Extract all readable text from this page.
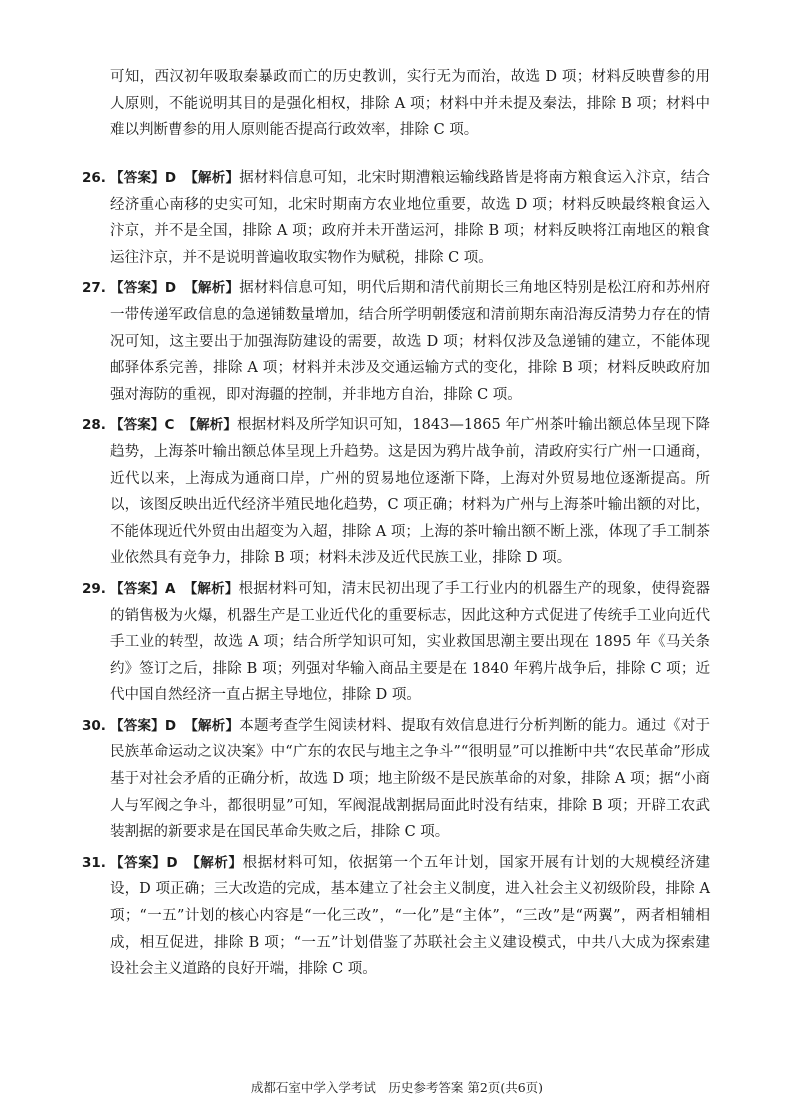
可知，西汉初年吸取秦暴政而亡的历史教训，实行无为而治，故选 D 项；材料反映曹参的用人原则，不能说明其目的是强化相权，排除 A 项；材料中并未提及秦法，排除 B 项；材料中难以判断曹参的用人原则能否提高行政效率，排除 C 项。
26. 【答案】D 【解析】据材料信息可知，北宋时期漕粮运输线路皆是将南方粮食运入汴京，结合经济重心南移的史实可知，北宋时期南方农业地位重要，故选 D 项；材料反映最终粮食运入汴京，并不是全国，排除 A 项；政府并未开凿运河，排除 B 项；材料反映将江南地区的粮食运往汴京，并不是说明普遍收取实物作为赋税，排除 C 项。
27. 【答案】D 【解析】据材料信息可知，明代后期和清代前期长三角地区特别是松江府和苏州府一带传递军政信息的急递铺数量增加，结合所学明朝倭寇和清前期东南沿海反清势力存在的情况可知，这主要出于加强海防建设的需要，故选 D 项；材料仅涉及急递铺的建立，不能体现邮驿体系完善，排除 A 项；材料并未涉及交通运输方式的变化，排除 B 项；材料反映政府加强对海防的重视，即对海疆的控制，并非地方自治，排除 C 项。
28. 【答案】C 【解析】根据材料及所学知识可知，1843—1865 年广州茶叶输出额总体呈现下降趋势，上海茶叶输出额总体呈现上升趋势。这是因为鸦片战争前，清政府实行广州一口通商，近代以来，上海成为通商口岸，广州的贸易地位逐渐下降，上海对外贸易地位逐渐提高。所以，该图反映出近代经济半殖民地化趋势，C 项正确；材料为广州与上海茶叶输出额的对比，不能体现近代外贸由出超变为入超，排除 A 项；上海的茶叶输出额不断上涨，体现了手工制茶业依然具有竞争力，排除 B 项；材料未涉及近代民族工业，排除 D 项。
29. 【答案】A 【解析】根据材料可知，清末民初出现了手工行业内的机器生产的现象，使得瓷器的销售极为火爆，机器生产是工业近代化的重要标志，因此这种方式促进了传统手工业向近代手工业的转型，故选 A 项；结合所学知识可知，实业救国思潮主要出现在 1895 年《马关条约》签订之后，排除 B 项；列强对华输入商品主要是在 1840 年鸦片战争后，排除 C 项；近代中国自然经济一直占据主导地位，排除 D 项。
30. 【答案】D 【解析】本题考查学生阅读材料、提取有效信息进行分析判断的能力。通过《对于民族革命运动之议决案》中“广东的农民与地主之争斗”“很明显”可以推断中共“农民革命”形成基于对社会矛盾的正确分析，故选 D 项；地主阶级不是民族革命的对象，排除 A 项；据“小商人与军阀之争斗，都很明显”可知，军阀混战割据局面此时没有结束，排除 B 项；开辟工农武装割据的新要求是在国民革命失败之后，排除 C 项。
31. 【答案】D 【解析】根据材料可知，依据第一个五年计划，国家开展有计划的大规模经济建设，D 项正确；三大改造的完成，基本建立了社会主义制度，进入社会主义初级阶段，排除 A 项；“一五”计划的核心内容是“一化三改”，“一化”是“主体”，“三改”是“两翼”，两者相辅相成，相互促进，排除 B 项；“一五”计划借鉴了苏联社会主义建设模式，中共八大成为探索建设社会主义道路的良好开端，排除 C 项。
成都石室中学入学考试　历史参考答案 第2页(共6页)
